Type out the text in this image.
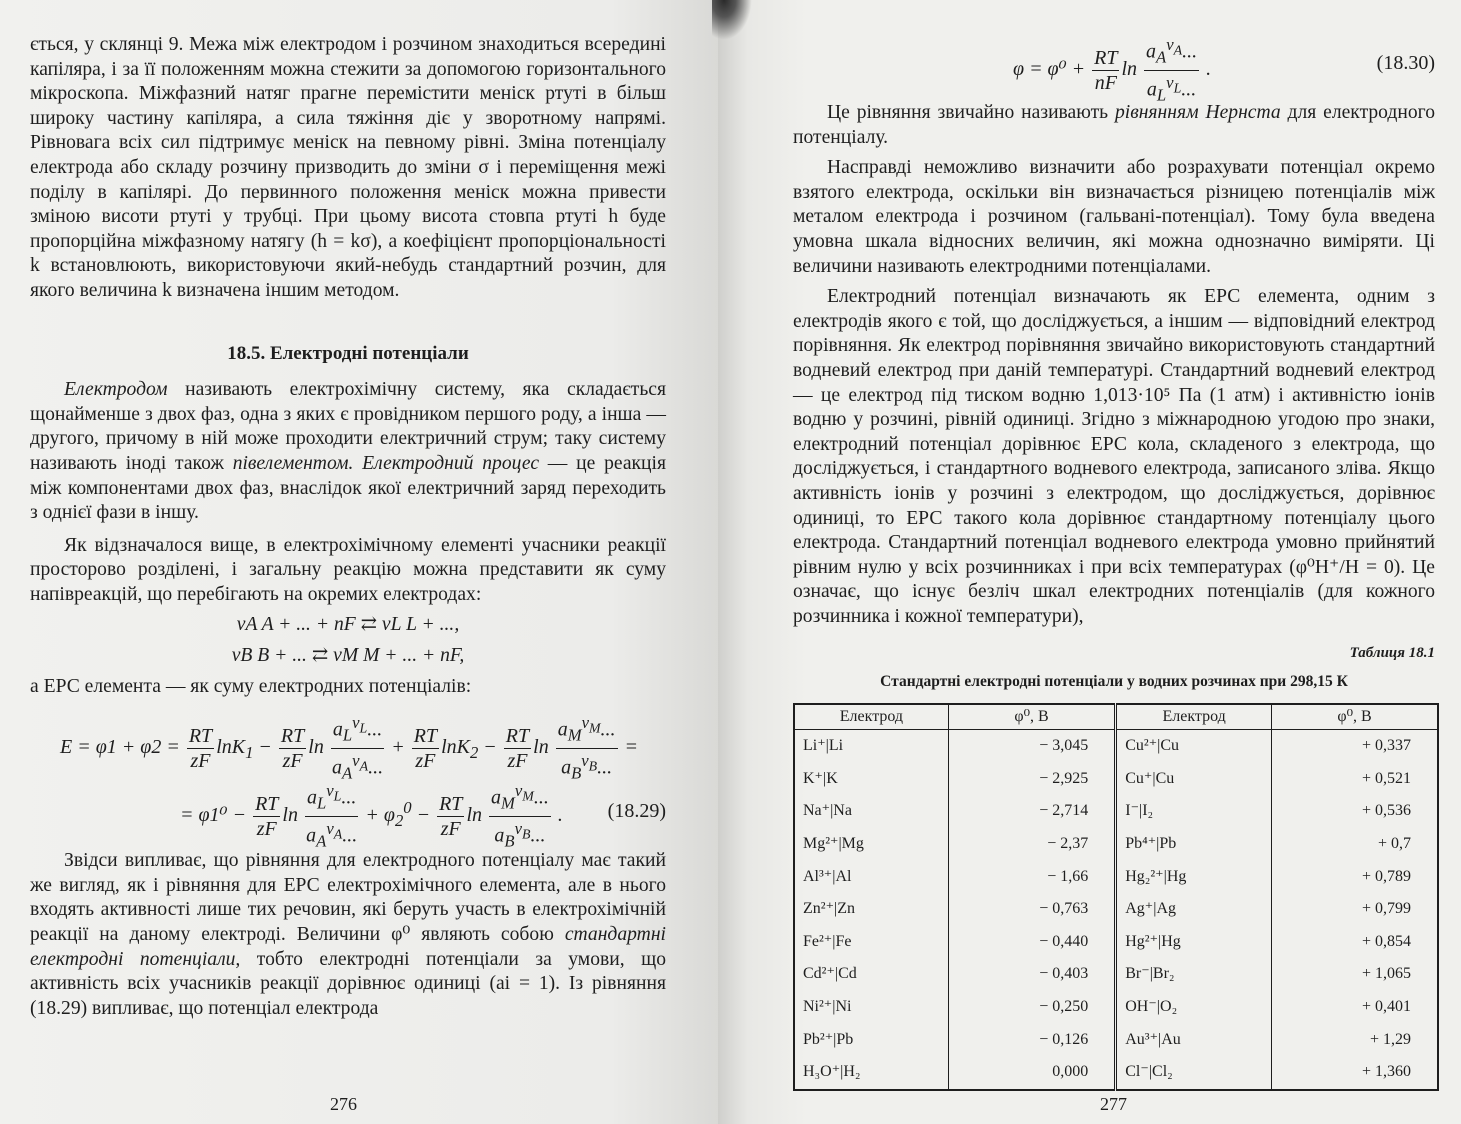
ється, у склянці 9. Межа між електродом і розчином знаходиться всередині капіляра, і за її положенням можна стежити за допомогою горизонтального мікроскопа. Міжфазний натяг прагне перемістити меніск ртуті в більш широку частину капіляра, а сила тяжіння діє у зворотному напрямі. Рівновага всіх сил підтримує меніск на певному рівні. Зміна потенціалу електрода або складу розчину призводить до зміни σ і переміщення межі поділу в капілярі. До первинного положення меніск можна привести зміною висоти ртуті у трубці. При цьому висота стовпа ртуті h буде пропорційна міжфазному натягу (h = kσ), а коефіцієнт пропорціональності k встановлюють, використовуючи який-небудь стандартний розчин, для якого величина k визначена іншим методом.

18.5. Електродні потенціали

Електродом називають електрохімічну систему, яка складається щонайменше з двох фаз, одна з яких є провідником першого роду, а інша — другого, причому в ній може проходити електричний струм; таку систему називають іноді також півелементом. Електродний процес — це реакція між компонентами двох фаз, внаслідок якої електричний заряд переходить з однієї фази в іншу.

Як відзначалося вище, в електрохімічному елементі учасники реакції просторово розділені, і загальну реакцію можна представити як суму напівреакцій, що перебігають на окремих електродах:

νA A + ... + nF ⇄ νL L + ...,
νB B + ... ⇄ νM M + ... + nF,

а ЕРС елемента — як суму електродних потенціалів:

$E = \varphi 1 + \varphi 2 = \frac{RT}{zF} \ln K_1 - \frac{RT}{zF}$ $\ln \frac{a_L^{\nu_L}...}{a_A^{\nu_A}...} + \frac{RT}{zF} \ln K_2 - \frac{RT}{zF}$ $\ln \frac{a_M^{\nu_M}...}{a_B^{\nu_B}...}$ =
= $\varphi 1^0 - \frac{RT}{zF}$ $\ln \frac{a_L^{\nu_L}...}{a_A^{\nu_A}...} + \varphi_2^0 - \frac{RT}{zF}$ $\ln \frac{a_M^{\nu_M}...}{a_B^{\nu_B}...}$ . (18.29)

Звідси випливає, що рівняння для електродного потенціалу має такий же вигляд, як і рівняння для ЕРС електрохімічного елемента, але в нього входять активності лише тих речовин, які беруть участь в електрохімічній реакції на даному електроді. Величини φ⁰ являють собою стандартні електродні потенціали, тобто електродні потенціали за умови, що активність всіх учасників реакції дорівнює одиниці (ai = 1). Із рівняння (18.29) випливає, що потенціал електрода

276	277
$\varphi = \varphi^0 + \frac{RT}{nF}$ $\ln \frac{a_A^{\nu_A}...}{a_L^{\nu_L}...}$ .	(18.30)

Це рівняння звичайно називають рівнянням Нернста для електродного потенціалу.

Насправді неможливо визначити або розрахувати потенціал окремо взятого електрода, оскільки він визначається різницею потенціалів між металом електрода і розчином (гальвані-потенціал). Тому була введена умовна шкала відносних величин, які можна однозначно виміряти. Ці величини називають електродними потенціалами.

Електродний потенціал визначають як ЕРС елемента, одним з електродів якого є той, що досліджується, а іншим — відповідний електрод порівняння. Як електрод порівняння звичайно використовують стандартний водневий електрод при даній температурі. Стандартний водневий електрод — це електрод під тиском водню 1,013·10⁵ Па (1 атм) і активністю іонів водню у розчині, рівній одиниці. Згідно з міжнародною угодою про знаки, електродний потенціал дорівнює ЕРС кола, складеного з електрода, що досліджується, і стандартного водневого електрода, записаного зліва. Якщо активність іонів у розчині з електродом, що досліджується, дорівнює одиниці, то ЕРС такого кола дорівнює стандартному потенціалу цього електрода. Стандартний потенціал водневого електрода умовно прийнятий рівним нулю у всіх розчинниках і при всіх температурах (φ⁰H⁺/H = 0). Це означає, що існує безліч шкал електродних потенціалів (для кожного розчинника і кожної температури),

Таблиця 18.1
Стандартні електродні потенціали у водних розчинах при 298,15 К
Електрод	φ⁰, В	Електрод	φ⁰, В
Li⁺|Li	− 3,045	Cu²⁺|Cu	+ 0,337
K⁺|K	− 2,925	Cu⁺|Cu	+ 0,521
Na⁺|Na	− 2,714	I⁻|I₂	+ 0,536
Mg²⁺|Mg	− 2,37	Pb⁴⁺|Pb	+ 0,7
Al³⁺|Al	− 1,66	Hg₂²⁺|Hg	+ 0,789
Zn²⁺|Zn	− 0,763	Ag⁺|Ag	+ 0,799
Fe²⁺|Fe	− 0,440	Hg²⁺|Hg	+ 0,854
Cd²⁺|Cd	− 0,403	Br⁻|Br₂	+ 1,065
Ni²⁺|Ni	− 0,250	OH⁻|O₂	+ 0,401
Pb²⁺|Pb	− 0,126	Au³⁺|Au	+ 1,29
H₃O⁺|H₂	0,000	Cl⁻|Cl₂	+ 1,360
